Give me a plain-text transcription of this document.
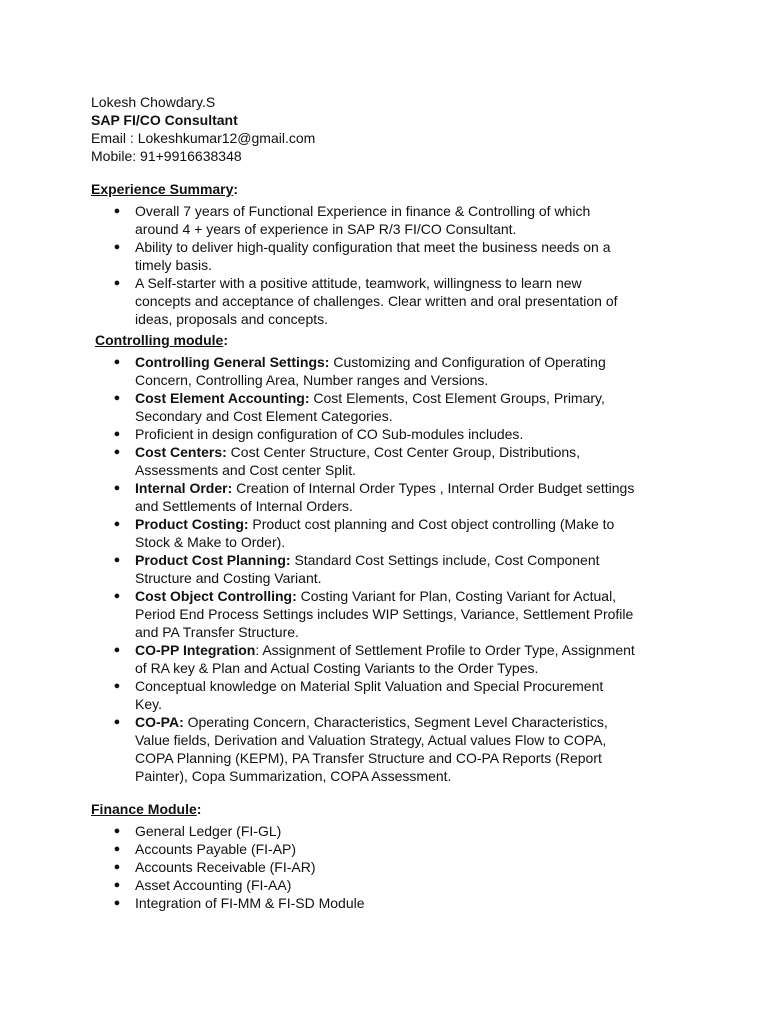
Lokesh Chowdary.S
SAP FI/CO Consultant
Email : Lokeshkumar12@gmail.com
Mobile: 91+9916638348
Experience Summary:
● Overall 7 years of Functional Experience in finance & Controlling of which
around 4 + years of experience in SAP R/3 FI/CO Consultant.
● Ability to deliver high-quality configuration that meet the business needs on a
timely basis.
● A Self-starter with a positive attitude, teamwork, willingness to learn new
concepts and acceptance of challenges. Clear written and oral presentation of
ideas, proposals and concepts.
Controlling module:
● Controlling General Settings: Customizing and Configuration of Operating
Concern, Controlling Area, Number ranges and Versions.
● Cost Element Accounting: Cost Elements, Cost Element Groups, Primary,
Secondary and Cost Element Categories.
● Proficient in design configuration of CO Sub-modules includes.
● Cost Centers: Cost Center Structure, Cost Center Group, Distributions,
Assessments and Cost center Split.
● Internal Order: Creation of Internal Order Types , Internal Order Budget settings
and Settlements of Internal Orders.
● Product Costing: Product cost planning and Cost object controlling (Make to
Stock & Make to Order).
● Product Cost Planning: Standard Cost Settings include, Cost Component
Structure and Costing Variant.
● Cost Object Controlling: Costing Variant for Plan, Costing Variant for Actual,
Period End Process Settings includes WIP Settings, Variance, Settlement Profile
and PA Transfer Structure.
● CO-PP Integration: Assignment of Settlement Profile to Order Type, Assignment
of RA key & Plan and Actual Costing Variants to the Order Types.
● Conceptual knowledge on Material Split Valuation and Special Procurement
Key.
● CO-PA: Operating Concern, Characteristics, Segment Level Characteristics,
Value fields, Derivation and Valuation Strategy, Actual values Flow to COPA,
COPA Planning (KEPM), PA Transfer Structure and CO-PA Reports (Report
Painter), Copa Summarization, COPA Assessment.
Finance Module:
● General Ledger (FI-GL)
● Accounts Payable (FI-AP)
● Accounts Receivable (FI-AR)
● Asset Accounting (FI-AA)
● Integration of FI-MM & FI-SD Module
